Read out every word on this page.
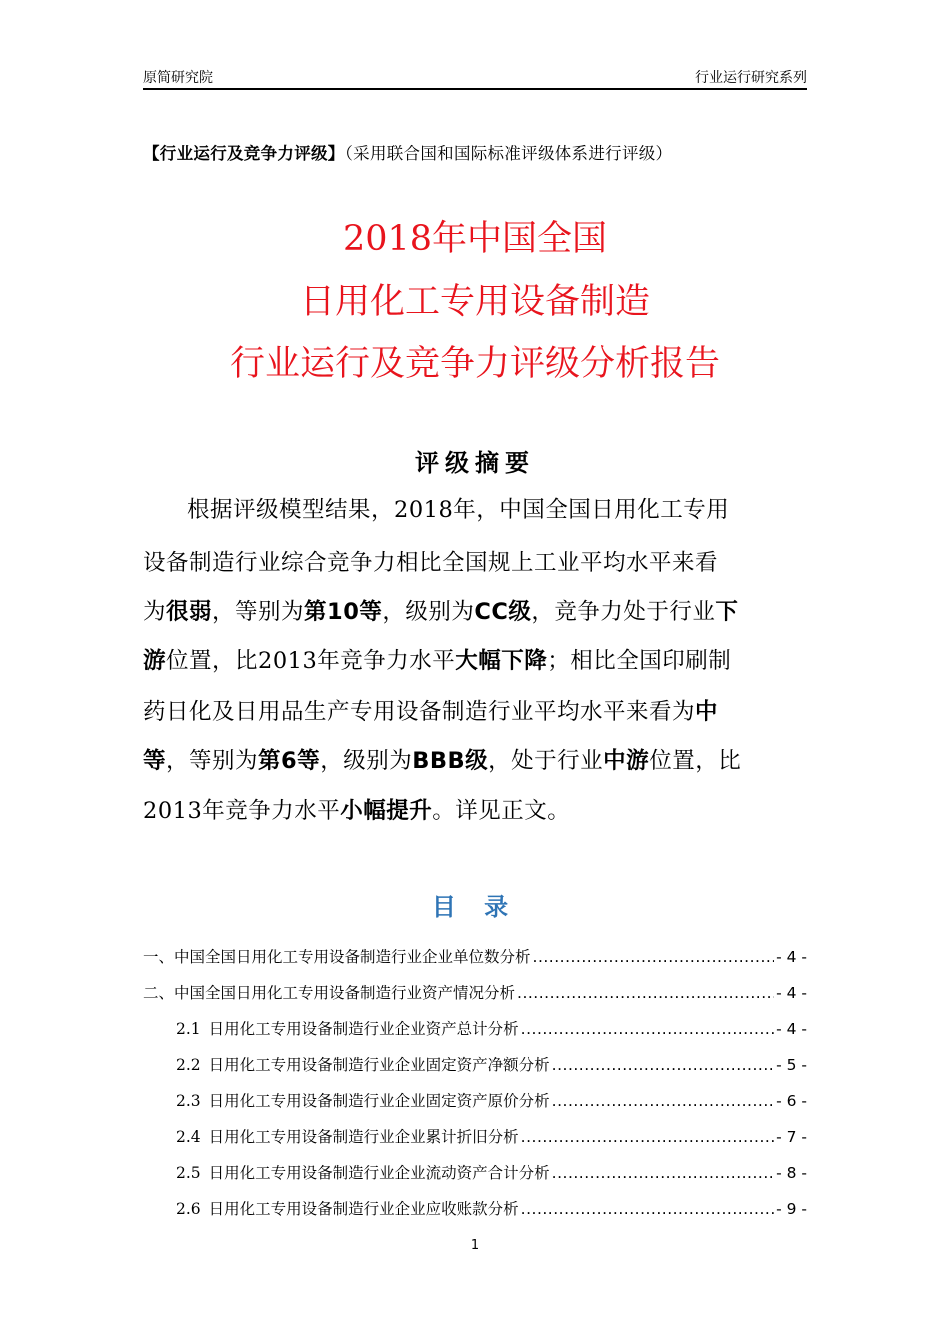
原简研究院	行业运行研究系列
【行业运行及竞争力评级】（采用联合国和国际标准评级体系进行评级）
2018年中国全国
日用化工专用设备制造
行业运行及竞争力评级分析报告
评级摘要
根据评级模型结果，2018年，中国全国日用化工专用
设备制造行业综合竞争力相比全国规上工业平均水平来看
为很弱，等别为第10等，级别为CC级，竞争力处于行业下
游位置，比2013年竞争力水平大幅下降；相比全国印刷制
药日化及日用品生产专用设备制造行业平均水平来看为中
等，等别为第6等，级别为BBB级，处于行业中游位置，比
2013年竞争力水平小幅提升。详见正文。
目 录
一、中国全国日用化工专用设备制造行业企业单位数分析 .....	- 4 -
二、中国全国日用化工专用设备制造行业资产情况分析 .....	- 4 -
2.1 日用化工专用设备制造行业企业资产总计分析 .....	- 4 -
2.2 日用化工专用设备制造行业企业固定资产净额分析 .....	- 5 -
2.3 日用化工专用设备制造行业企业固定资产原价分析 .....	- 6 -
2.4 日用化工专用设备制造行业企业累计折旧分析 .....	- 7 -
2.5 日用化工专用设备制造行业企业流动资产合计分析 .....	- 8 -
2.6 日用化工专用设备制造行业企业应收账款分析 .....	- 9 -
1
